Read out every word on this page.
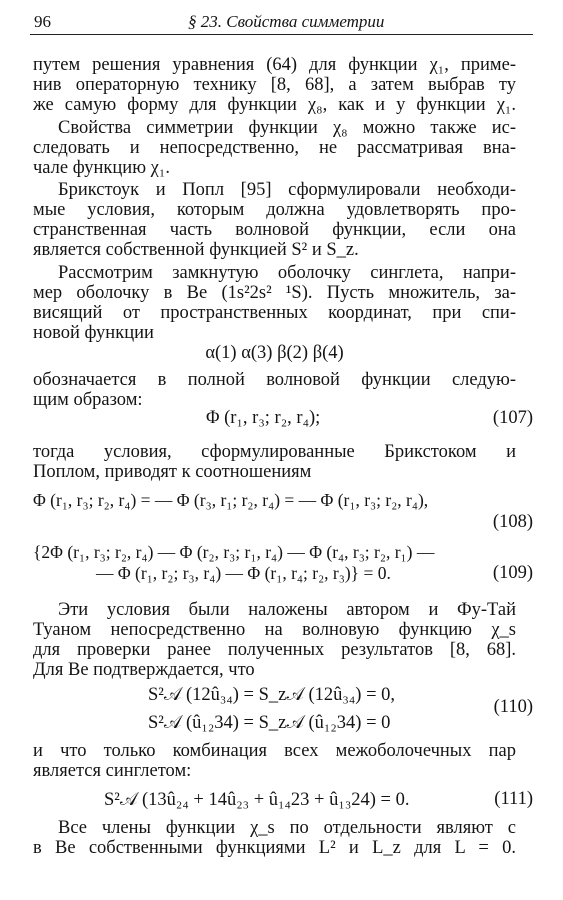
96	§ 23. Свойства симметрии
путем решения уравнения (64) для функции χ₁, приме-
нив операторную технику [8, 68], а затем выбрав ту
же самую форму для функции χ₈, как и у функции χ₁.
Свойства симметрии функции χ₈ можно также ис-
следовать и непосредственно, не рассматривая вна-
чале функцию χ₁.
Брикстоук и Попл [95] сформулировали необходи-
мые условия, которым должна удовлетворять про-
странственная часть волновой функции, если она
является собственной функцией S² и S_z.
Рассмотрим замкнутую оболочку синглета, напри-
мер оболочку в Be (1s²2s² ¹S). Пусть множитель, за-
висящий от пространственных координат, при спи-
новой функции
α(1) α(3) β(2) β(4)
обозначается в полной волновой функции следую-
щим образом:
Φ (r₁, r₃; r₂, r₄);	(107)
тогда условия, сформулированные Брикстоком и
Поплом, приводят к соотношениям
Φ (r₁, r₃; r₂, r₄) = — Φ (r₃, r₁; r₂, r₄) = — Φ (r₁, r₃; r₂, r₄),
(108)
{2Φ (r₁, r₃; r₂, r₄) — Φ (r₂, r₃; r₁, r₄) — Φ (r₄, r₃; r₂, r₁) —
— Φ (r₁, r₂; r₃, r₄) — Φ (r₁, r₄; r₂, r₃)} = 0.	(109)
Эти условия были наложены автором и Фу-Тай
Туаном непосредственно на волновую функцию χ_s
для проверки ранее полученных результатов [8, 68].
Для Be подтверждается, что
S²𝒜 (12û₃₄) = S_z𝒜 (12û₃₄) = 0,
S²𝒜 (û₁₂34) = S_z𝒜 (û₁₂34) = 0
(110)
и что только комбинация всех межоболочечных пар
является синглетом:
S²𝒜 (13û₂₄ + 14û₂₃ + û₁₄23 + û₁₃24) = 0.	(111)
Все члены функции χ_s по отдельности являют с
в Be собственными функциями L² и L_z для L = 0.
